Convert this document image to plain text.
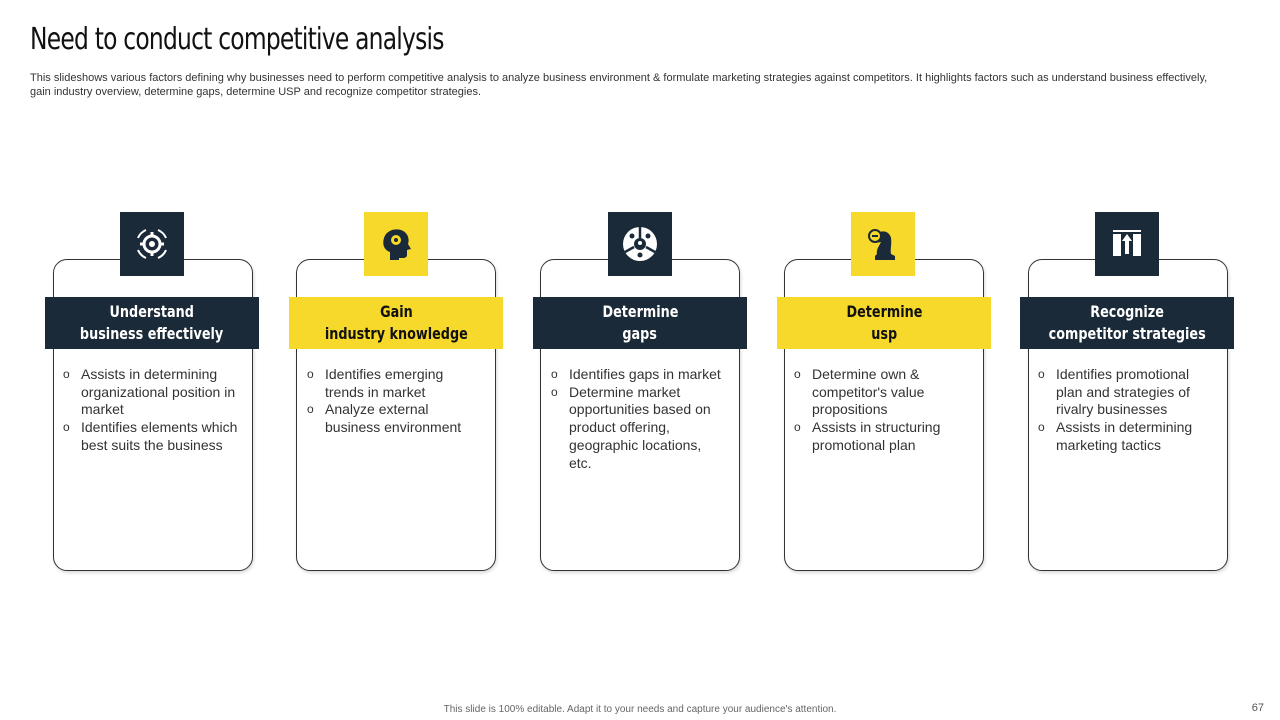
Need to conduct competitive analysis
This slideshows various factors defining why businesses need to perform competitive analysis to analyze business environment & formulate marketing strategies against competitors. It highlights factors such as understand business effectively, gain industry overview, determine gaps, determine USP and recognize competitor strategies.
Understand
business effectively
o Assists in determining organizational position in market
o Identifies elements which best suits the business
Gain
industry knowledge
o Identifies emerging trends in market
o Analyze external business environment
Determine
gaps
o Identifies gaps in market
o Determine market opportunities based on product offering, geographic locations, etc.
Determine
usp
o Determine own & competitor's value propositions
o Assists in structuring promotional plan
Recognize
competitor strategies
o Identifies promotional plan and strategies of rivalry businesses
o Assists in determining marketing tactics
This slide is 100% editable. Adapt it to your needs and capture your audience's attention.	67
